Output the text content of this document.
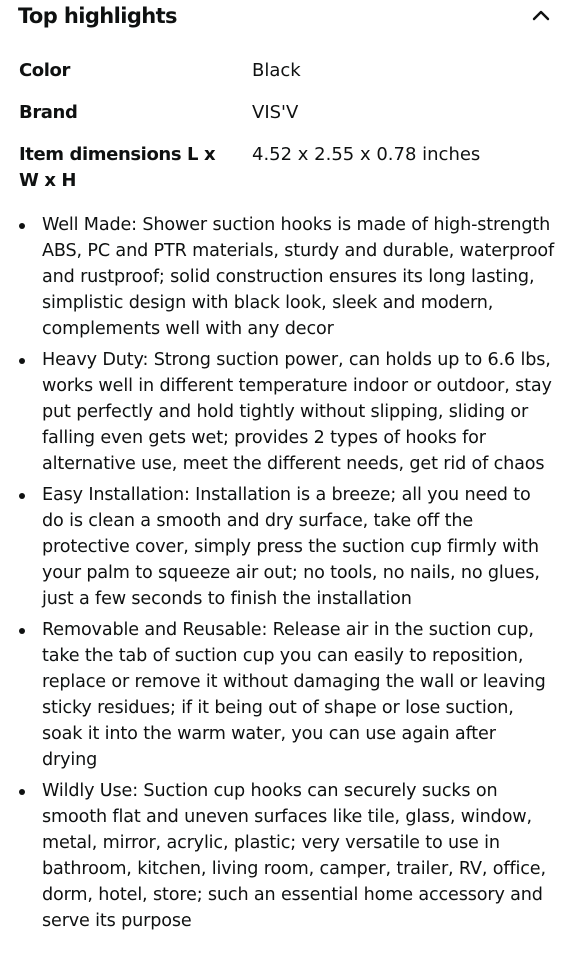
Top highlights
Color	Black
Brand	VIS'V
Item dimensions L x W x H
4.52 x 2.55 x 0.78 inches
Well Made: Shower suction hooks is made of high-strength ABS, PC and PTR materials, sturdy and durable, waterproof and rustproof; solid construction ensures its long lasting, simplistic design with black look, sleek and modern, complements well with any decor
Heavy Duty: Strong suction power, can holds up to 6.6 lbs, works well in different temperature indoor or outdoor, stay put perfectly and hold tightly without slipping, sliding or falling even gets wet; provides 2 types of hooks for alternative use, meet the different needs, get rid of chaos
Easy Installation: Installation is a breeze; all you need to do is clean a smooth and dry surface, take off the protective cover, simply press the suction cup firmly with your palm to squeeze air out; no tools, no nails, no glues, just a few seconds to finish the installation
Removable and Reusable: Release air in the suction cup, take the tab of suction cup you can easily to reposition, replace or remove it without damaging the wall or leaving sticky residues; if it being out of shape or lose suction, soak it into the warm water, you can use again after drying
Wildly Use: Suction cup hooks can securely sucks on smooth flat and uneven surfaces like tile, glass, window, metal, mirror, acrylic, plastic; very versatile to use in bathroom, kitchen, living room, camper, trailer, RV, office, dorm, hotel, store; such an essential home accessory and serve its purpose
